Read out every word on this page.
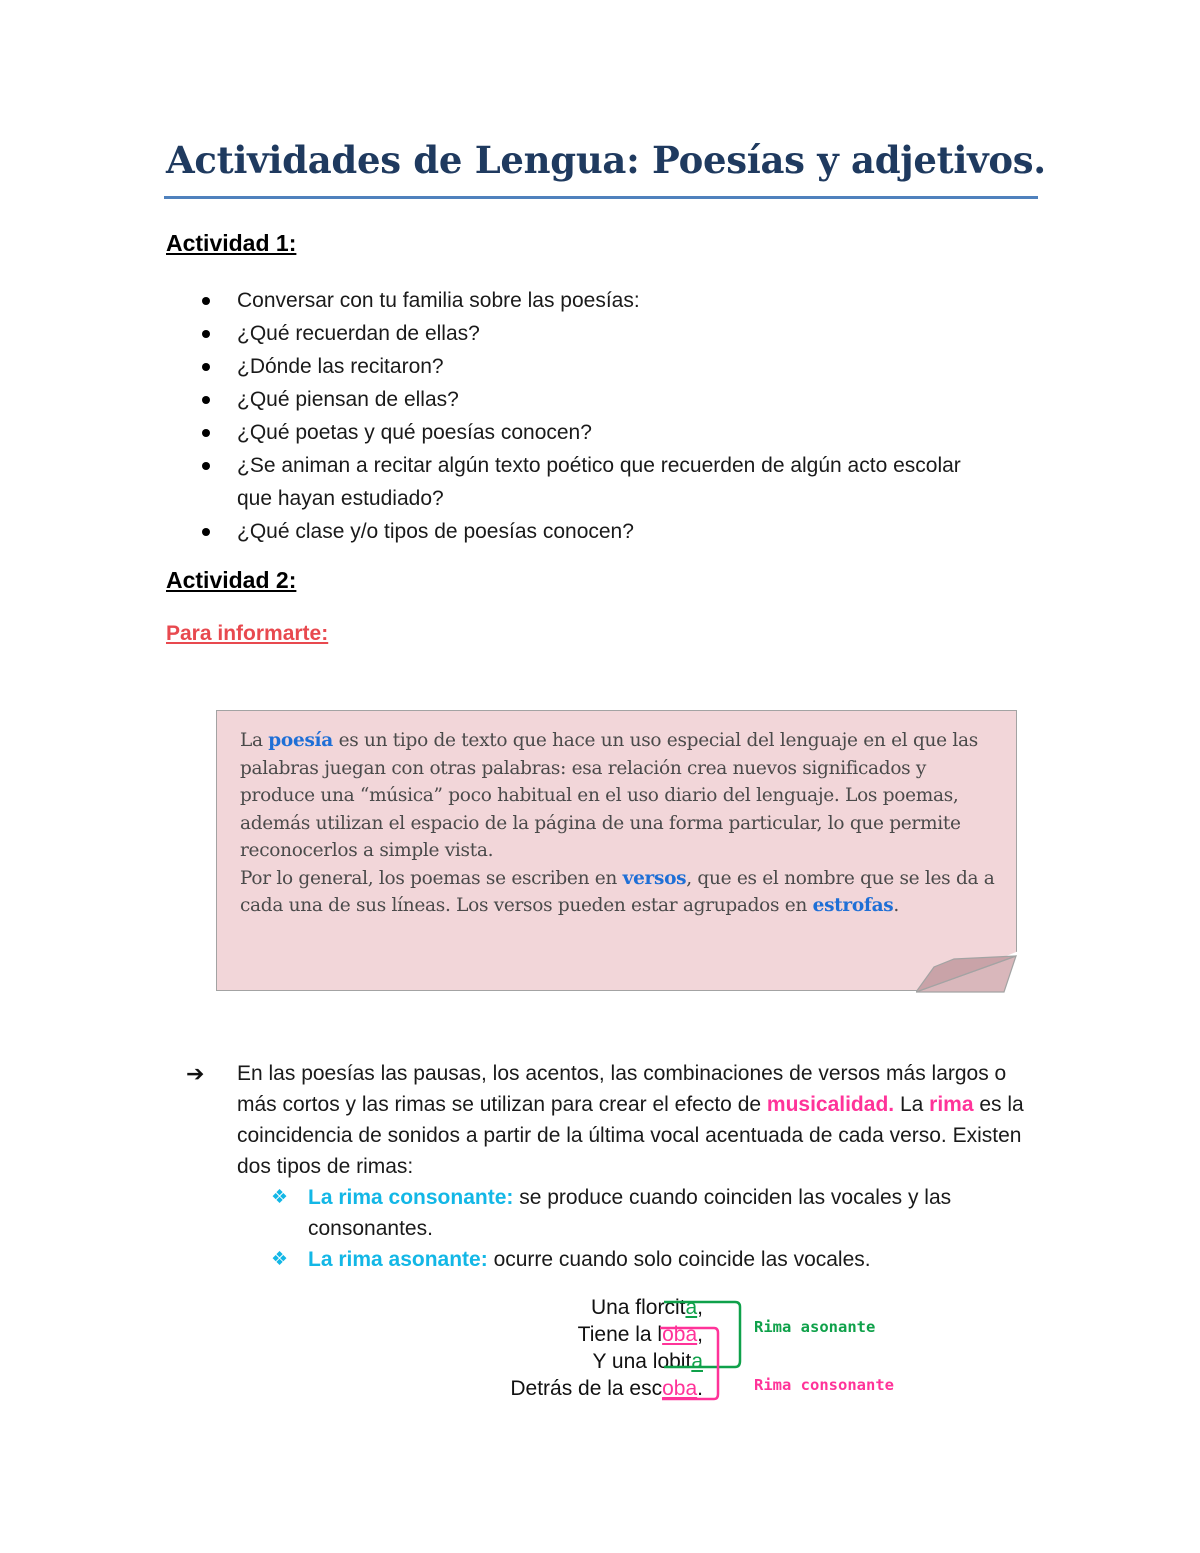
Actividades de Lengua: Poesías y adjetivos.
Actividad 1:
Conversar con tu familia sobre las poesías:
¿Qué recuerdan de ellas?
¿Dónde las recitaron?
¿Qué piensan de ellas?
¿Qué poetas y qué poesías conocen?
¿Se animan a recitar algún texto poético que recuerden de algún acto escolar que hayan estudiado?
¿Qué clase y/o tipos de poesías conocen?
Actividad 2:

Para informarte:

La poesía es un tipo de texto que hace un uso especial del lenguaje en el que las palabras juegan con otras palabras: esa relación crea nuevos significados y produce una “música” poco habitual en el uso diario del lenguaje. Los poemas, además utilizan el espacio de la página de una forma particular, lo que permite reconocerlos a simple vista.
Por lo general, los poemas se escriben en versos, que es el nombre que se les da a cada una de sus líneas. Los versos pueden estar agrupados en estrofas.

➔ En las poesías las pausas, los acentos, las combinaciones de versos más largos o más cortos y las rimas se utilizan para crear el efecto de musicalidad. La rima es la coincidencia de sonidos a partir de la última vocal acentuada de cada verso. Existen dos tipos de rimas:

❖ La rima consonante: se produce cuando coinciden las vocales y las consonantes.

❖ La rima asonante: ocurre cuando solo coincide las vocales.

Una florcita,
Tiene la loba,
Y una lobita
Detrás de la escoba.
Rima asonante
Rima consonante
